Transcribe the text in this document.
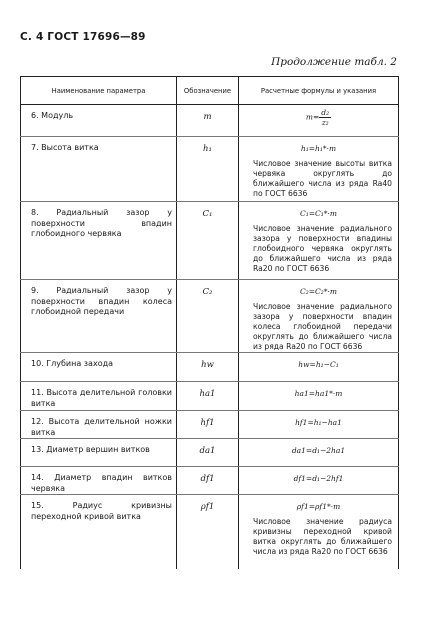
С. 4 ГОСТ 17696—89
Продолжение табл. 2
Наименование параметра	Обозначение	Расчетные формулы и указания
6. Модуль	m	$m= \frac{\text{d₂}}{\text{z₂}}$

7. Высота витка	h₁	h₁=h₁*·m
Числовое значение высоты витка червяка округлять до ближайшего числа из ряда Ra40 по ГОСТ 6636

8. Радиальный зазор у поверхности впадин глобоидного червяка	C₁	C₁=C₁*·m
Числовое значение радиального зазора у поверхности впадины глобоидного червяка округлять до ближайшего числа из ряда Ra20 по ГОСТ 6636

9. Радиальный зазор у поверхности впадин колеса глобоидной передачи	C₂	C₂=C₂*·m
Числовое значение радиального зазора у поверхности впадин колеса глобоидной передачи округлять до ближайшего числа из ряда Ra20 по ГОСТ 6636

10. Глубина захода	hw	hw=h₁−C₁
11. Высота делительной головки витка	ha1	ha1=ha1*·m
12. Высота делительной ножки витка	hf1	hf1=h₁−ha1
13. Диаметр вершин витков	da1	da1=d₁−2ha1
14. Диаметр впадин витков червяка	df1	df1=d₁−2hf1
15. Радиус кривизны переходной кривой витка	ρf1	ρf1=ρf1*·m
Числовое значение радиуса кривизны переходной кривой витка округлять до ближайшего числа из ряда Ra20 по ГОСТ 6636
